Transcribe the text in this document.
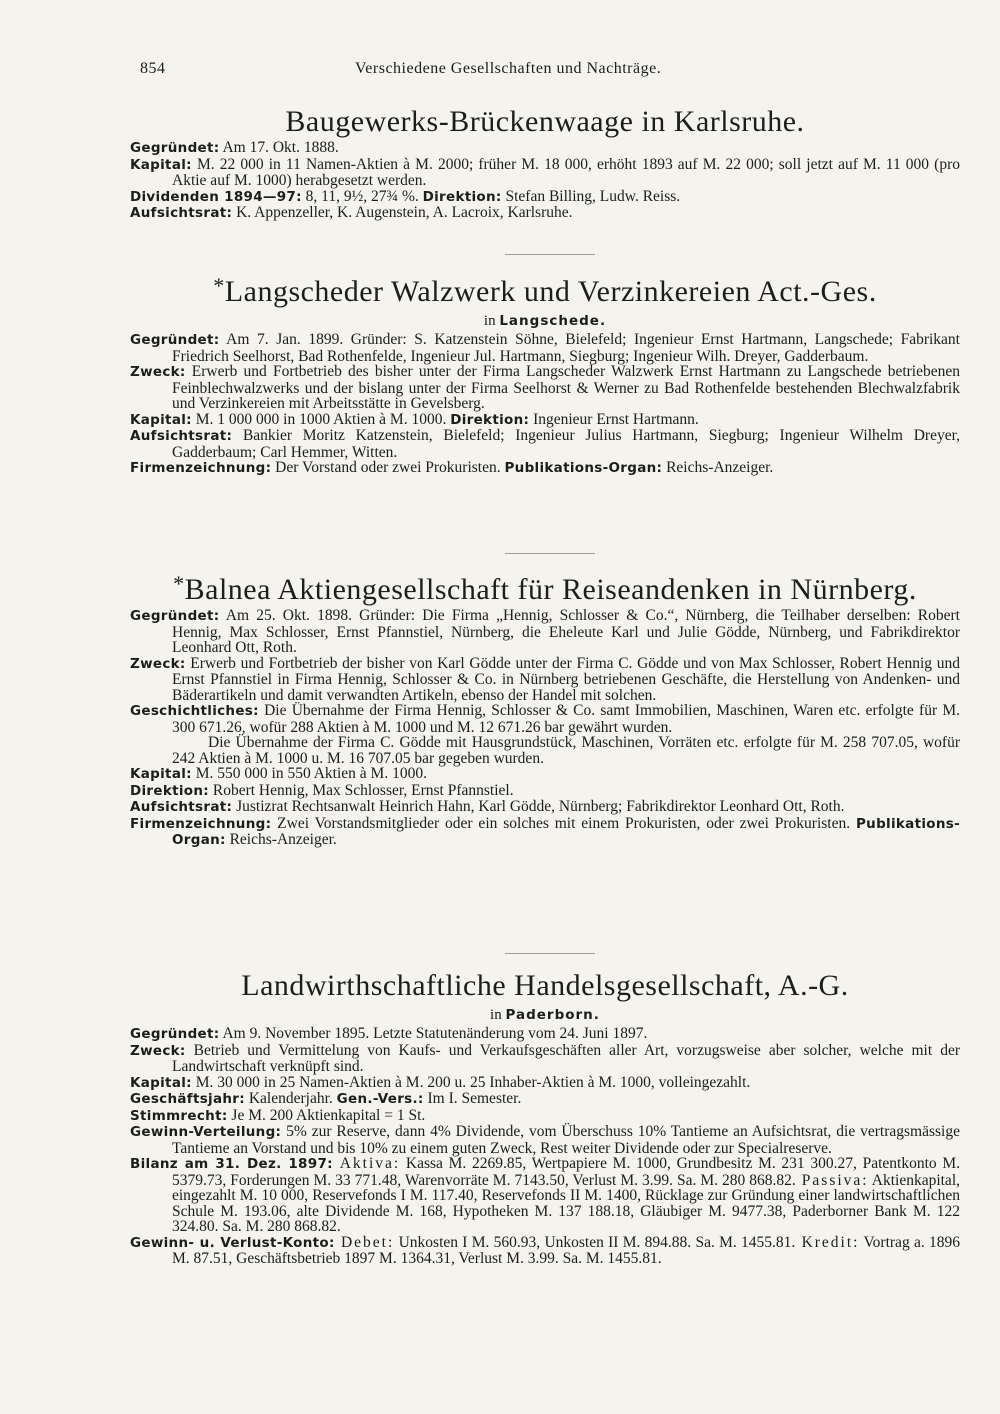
854	Verschiedene Gesellschaften und Nachträge.
Baugewerks-Brückenwaage in Karlsruhe.

Gegründet: Am 17. Okt. 1888.

Kapital: M. 22 000 in 11 Namen-Aktien à M. 2000; früher M. 18 000, erhöht 1893 auf M. 22 000; soll jetzt auf M. 11 000 (pro Aktie auf M. 1000) herabgesetzt werden.

Dividenden 1894—97: 8, 11, 9½, 27¾ %. Direktion: Stefan Billing, Ludw. Reiss.

Aufsichtsrat: K. Appenzeller, K. Augenstein, A. Lacroix, Karlsruhe.

*Langscheder Walzwerk und Verzinkereien Act.-Ges.

in Langschede.

Gegründet: Am 7. Jan. 1899. Gründer: S. Katzenstein Söhne, Bielefeld; Ingenieur Ernst Hartmann, Langschede; Fabrikant Friedrich Seelhorst, Bad Rothenfelde, Ingenieur Jul. Hartmann, Siegburg; Ingenieur Wilh. Dreyer, Gadderbaum.

Zweck: Erwerb und Fortbetrieb des bisher unter der Firma Langscheder Walzwerk Ernst Hartmann zu Langschede betriebenen Feinblechwalzwerks und der bislang unter der Firma Seelhorst & Werner zu Bad Rothenfelde bestehenden Blechwalzfabrik und Verzinkereien mit Arbeitsstätte in Gevelsberg.

Kapital: M. 1 000 000 in 1000 Aktien à M. 1000. Direktion: Ingenieur Ernst Hartmann.

Aufsichtsrat: Bankier Moritz Katzenstein, Bielefeld; Ingenieur Julius Hartmann, Siegburg; Ingenieur Wilhelm Dreyer, Gadderbaum; Carl Hemmer, Witten.

Firmenzeichnung: Der Vorstand oder zwei Prokuristen. Publikations-Organ: Reichs-Anzeiger.

*Balnea Aktiengesellschaft für Reiseandenken in Nürnberg.

Gegründet: Am 25. Okt. 1898. Gründer: Die Firma „Hennig, Schlosser & Co.“, Nürnberg, die Teilhaber derselben: Robert Hennig, Max Schlosser, Ernst Pfannstiel, Nürnberg, die Eheleute Karl und Julie Gödde, Nürnberg, und Fabrikdirektor Leonhard Ott, Roth.

Zweck: Erwerb und Fortbetrieb der bisher von Karl Gödde unter der Firma C. Gödde und von Max Schlosser, Robert Hennig und Ernst Pfannstiel in Firma Hennig, Schlosser & Co. in Nürnberg betriebenen Geschäfte, die Herstellung von Andenken- und Bäderartikeln und damit verwandten Artikeln, ebenso der Handel mit solchen.

Geschichtliches: Die Übernahme der Firma Hennig, Schlosser & Co. samt Immobilien, Maschinen, Waren etc. erfolgte für M. 300 671.26, wofür 288 Aktien à M. 1000 und M. 12 671.26 bar gewährt wurden.

Die Übernahme der Firma C. Gödde mit Hausgrundstück, Maschinen, Vorräten etc. erfolgte für M. 258 707.05, wofür 242 Aktien à M. 1000 u. M. 16 707.05 bar gegeben wurden.

Kapital: M. 550 000 in 550 Aktien à M. 1000.

Direktion: Robert Hennig, Max Schlosser, Ernst Pfannstiel.

Aufsichtsrat: Justizrat Rechtsanwalt Heinrich Hahn, Karl Gödde, Nürnberg; Fabrikdirektor Leonhard Ott, Roth.

Firmenzeichnung: Zwei Vorstandsmitglieder oder ein solches mit einem Prokuristen, oder zwei Prokuristen. Publikations-Organ: Reichs-Anzeiger.

Landwirthschaftliche Handelsgesellschaft, A.-G.

in Paderborn.

Gegründet: Am 9. November 1895. Letzte Statutenänderung vom 24. Juni 1897.

Zweck: Betrieb und Vermittelung von Kaufs- und Verkaufsgeschäften aller Art, vorzugsweise aber solcher, welche mit der Landwirtschaft verknüpft sind.

Kapital: M. 30 000 in 25 Namen-Aktien à M. 200 u. 25 Inhaber-Aktien à M. 1000, volleingezahlt.

Geschäftsjahr: Kalenderjahr. Gen.-Vers.: Im I. Semester.

Stimmrecht: Je M. 200 Aktienkapital = 1 St.

Gewinn-Verteilung: 5% zur Reserve, dann 4% Dividende, vom Überschuss 10% Tantieme an Aufsichtsrat, die vertragsmässige Tantieme an Vorstand und bis 10% zu einem guten Zweck, Rest weiter Dividende oder zur Specialreserve.

Bilanz am 31. Dez. 1897: Aktiva: Kassa M. 2269.85, Wertpapiere M. 1000, Grundbesitz M. 231 300.27, Patentkonto M. 5379.73, Forderungen M. 33 771.48, Warenvorräte M. 7143.50, Verlust M. 3.99. Sa. M. 280 868.82. Passiva: Aktienkapital, eingezahlt M. 10 000, Reservefonds I M. 117.40, Reservefonds II M. 1400, Rücklage zur Gründung einer landwirtschaftlichen Schule M. 193.06, alte Dividende M. 168, Hypotheken M. 137 188.18, Gläubiger M. 9477.38, Paderborner Bank M. 122 324.80. Sa. M. 280 868.82.

Gewinn- u. Verlust-Konto: Debet: Unkosten I M. 560.93, Unkosten II M. 894.88. Sa. M. 1455.81. Kredit: Vortrag a. 1896 M. 87.51, Geschäftsbetrieb 1897 M. 1364.31, Verlust M. 3.99. Sa. M. 1455.81.
